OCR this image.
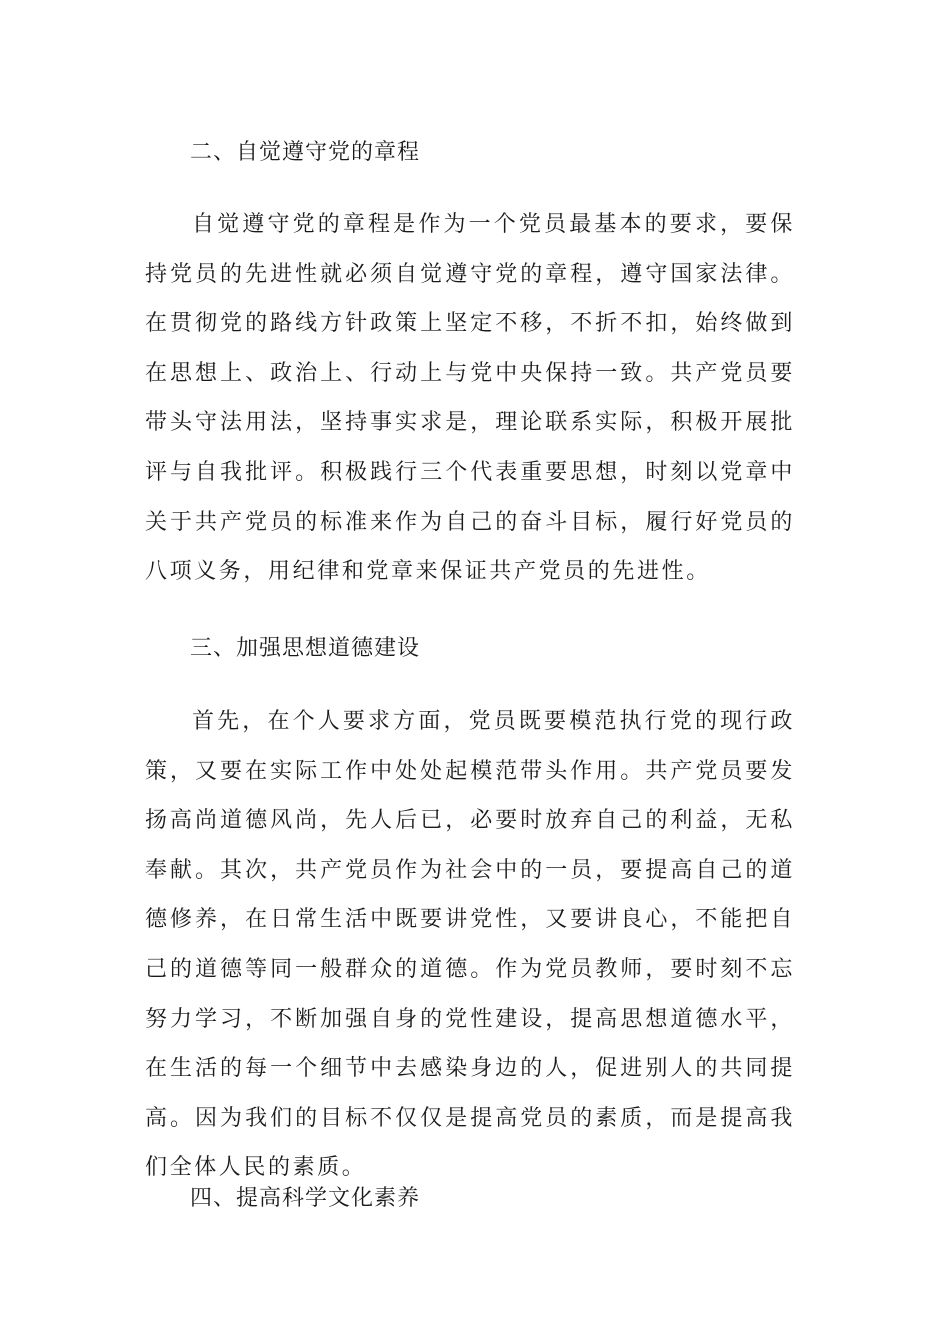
二、自觉遵守党的章程

自觉遵守党的章程是作为一个党员最基本的要求，要保持党员的先进性就必须自觉遵守党的章程，遵守国家法律。在贯彻党的路线方针政策上坚定不移，不折不扣，始终做到在思想上、政治上、行动上与党中央保持一致。共产党员要带头守法用法，坚持事实求是，理论联系实际，积极开展批评与自我批评。积极践行三个代表重要思想，时刻以党章中关于共产党员的标准来作为自己的奋斗目标，履行好党员的八项义务，用纪律和党章来保证共产党员的先进性。

三、加强思想道德建设

首先，在个人要求方面，党员既要模范执行党的现行政策，又要在实际工作中处处起模范带头作用。共产党员要发扬高尚道德风尚，先人后已，必要时放弃自己的利益，无私奉献。其次，共产党员作为社会中的一员，要提高自己的道德修养，在日常生活中既要讲党性，又要讲良心，不能把自己的道德等同一般群众的道德。作为党员教师，要时刻不忘努力学习，不断加强自身的党性建设，提高思想道德水平，在生活的每一个细节中去感染身边的人，促进别人的共同提高。因为我们的目标不仅仅是提高党员的素质，而是提高我们全体人民的素质。

四、提高科学文化素养
